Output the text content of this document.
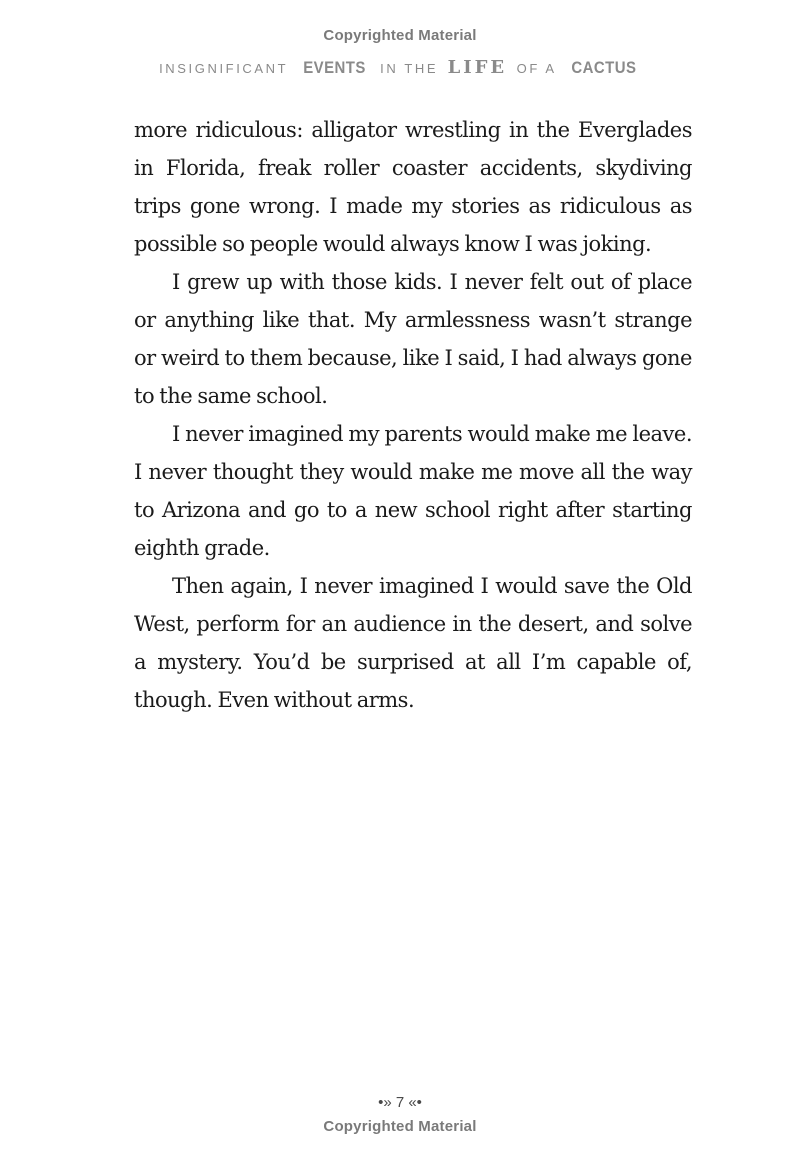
Copyrighted Material
INSIGNIFICANT EVENTS IN THE LIFE OF A CACTUS

more ridiculous: alligator wrestling in the Everglades in Florida, freak roller coaster accidents, skydiving trips gone wrong. I made my stories as ridiculous as possible so people would always know I was joking.

I grew up with those kids. I never felt out of place or anything like that. My armlessness wasn’t strange or weird to them because, like I said, I had always gone to the same school.

I never imagined my parents would make me leave. I never thought they would make me move all the way to Arizona and go to a new school right after starting eighth grade.

Then again, I never imagined I would save the Old West, perform for an audience in the desert, and solve a mystery. You’d be surprised at all I’m capable of, though. Even without arms.

•» 7 «•
Copyrighted Material
